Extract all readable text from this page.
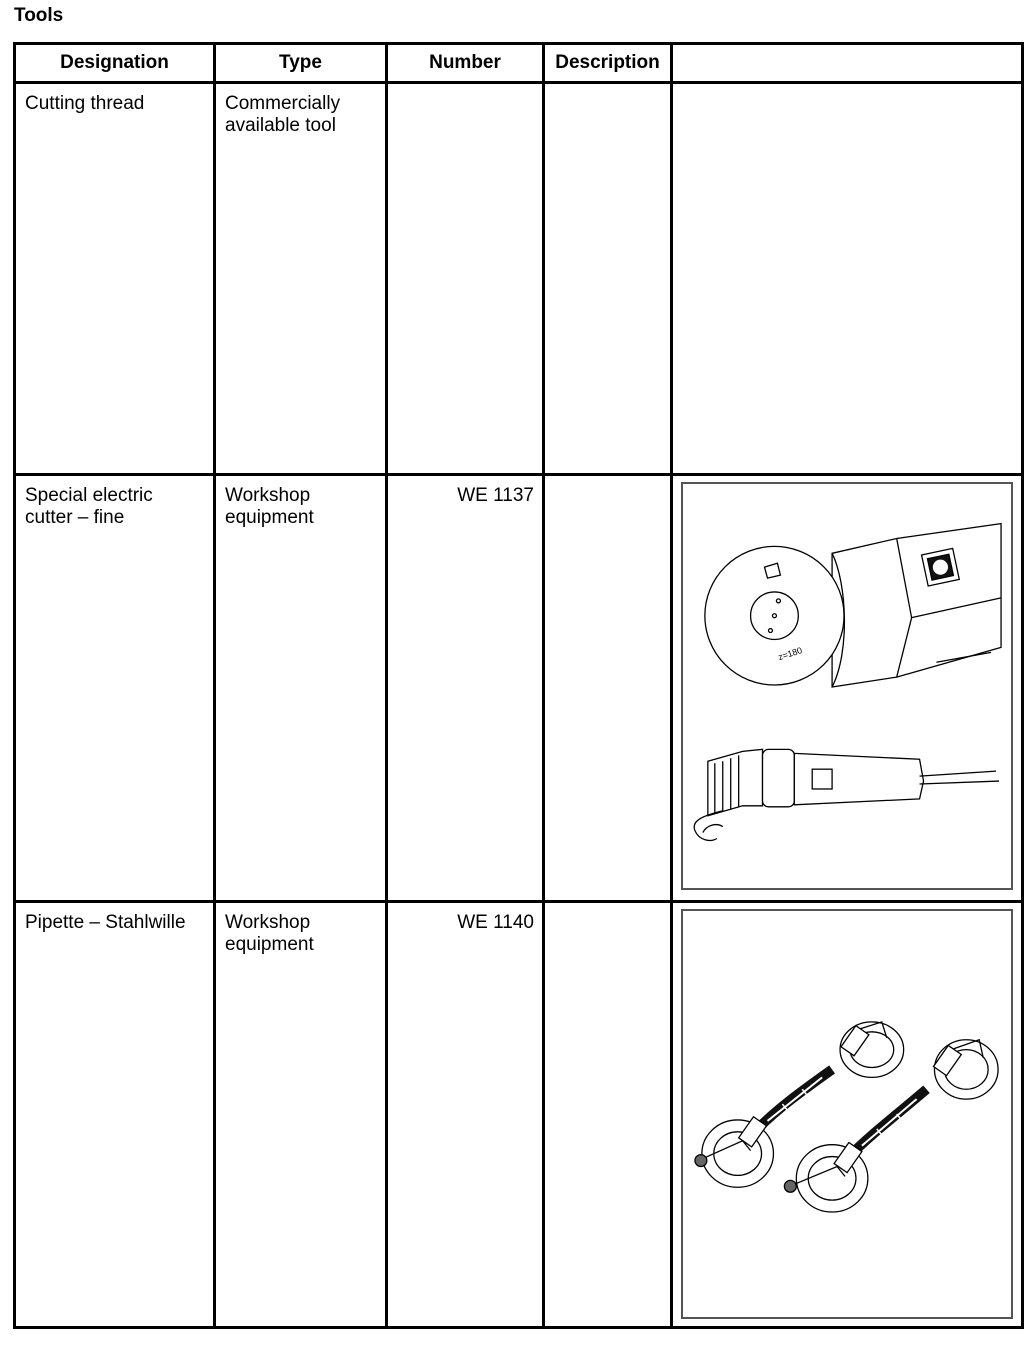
Tools
Designation	Type	Number	Description	

Cutting thread	Commercially available tool			

Special electric cutter – fine	Workshop equipment	WE 1137		z=180

Pipette – Stahlwille	Workshop equipment	WE 1140
